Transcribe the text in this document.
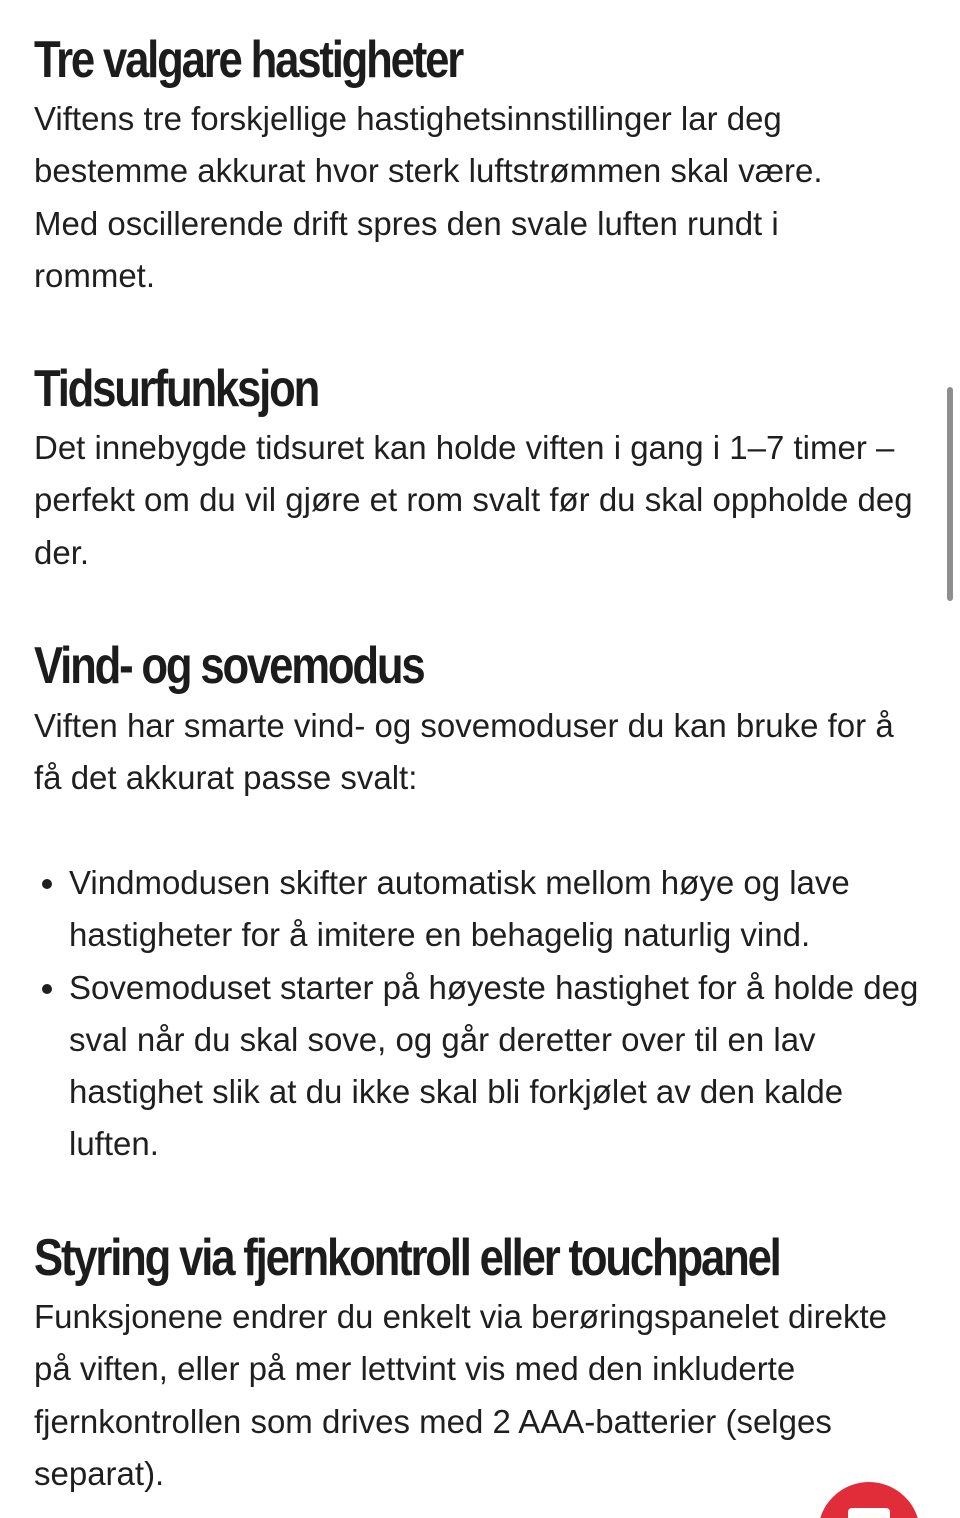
Tre valgare hastigheter

Viftens tre forskjellige hastighetsinnstillinger lar deg bestemme akkurat hvor sterk luftstrømmen skal være. Med oscillerende drift spres den svale luften rundt i rommet.

Tidsurfunksjon

Det innebygde tidsuret kan holde viften i gang i 1–7 timer – perfekt om du vil gjøre et rom svalt før du skal oppholde deg der.

Vind- og sovemodus

Viften har smarte vind- og sovemoduser du kan bruke for å få det akkurat passe svalt:

• Vindmodusen skifter automatisk mellom høye og lave hastigheter for å imitere en behagelig naturlig vind.
• Sovemoduset starter på høyeste hastighet for å holde deg sval når du skal sove, og går deretter over til en lav hastighet slik at du ikke skal bli forkjølet av den kalde luften.
Styring via fjernkontroll eller touchpanel

Funksjonene endrer du enkelt via berøringspanelet direkte på viften, eller på mer lettvint vis med den inkluderte fjernkontrollen som drives med 2 AAA-batterier (selges separat).
